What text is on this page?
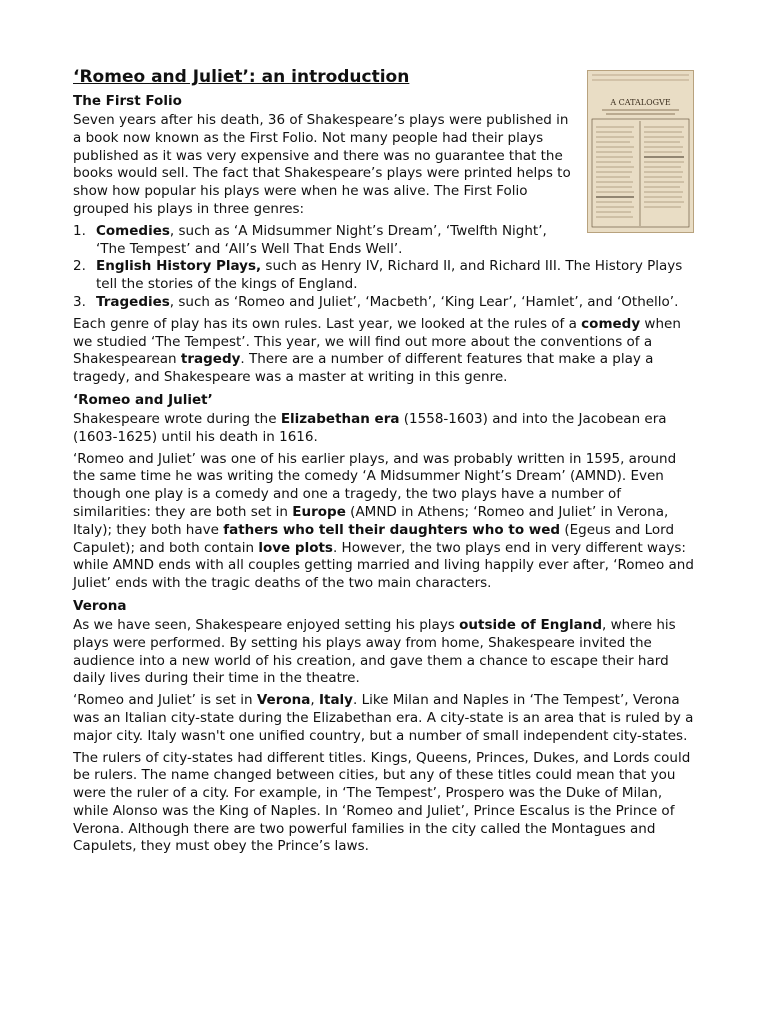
‘Romeo and Juliet’: an introduction
The First Folio

Seven years after his death, 36 of Shakespeare’s plays were published in a book now known as the First Folio. Not many people had their plays published as it was very expensive and there was no guarantee that the books would sell. The fact that Shakespeare’s plays were printed helps to show how popular his plays were when he was alive. The First Folio grouped his plays in three genres:

1. Comedies, such as ‘A Midsummer Night’s Dream’, ‘Twelfth Night’, ‘The Tempest’ and ‘All’s Well That Ends Well’.
2. English History Plays, such as Henry IV, Richard II, and Richard III. The History Plays tell the stories of the kings of England.
3. Tragedies, such as ‘Romeo and Juliet’, ‘Macbeth’, ‘King Lear’, ‘Hamlet’, and ‘Othello’.

Each genre of play has its own rules. Last year, we looked at the rules of a comedy when we studied ‘The Tempest’. This year, we will find out more about the conventions of a Shakespearean tragedy. There are a number of different features that make a play a tragedy, and Shakespeare was a master at writing in this genre.

‘Romeo and Juliet’

Shakespeare wrote during the Elizabethan era (1558-1603) and into the Jacobean era (1603-1625) until his death in 1616.

‘Romeo and Juliet’ was one of his earlier plays, and was probably written in 1595, around the same time he was writing the comedy ‘A Midsummer Night’s Dream’ (AMND). Even though one play is a comedy and one a tragedy, the two plays have a number of similarities: they are both set in Europe (AMND in Athens; ‘Romeo and Juliet’ in Verona, Italy); they both have fathers who tell their daughters who to wed (Egeus and Lord Capulet); and both contain love plots. However, the two plays end in very different ways: while AMND ends with all couples getting married and living happily ever after, ‘Romeo and Juliet’ ends with the tragic deaths of the two main characters.

Verona

As we have seen, Shakespeare enjoyed setting his plays outside of England, where his plays were performed. By setting his plays away from home, Shakespeare invited the audience into a new world of his creation, and gave them a chance to escape their hard daily lives during their time in the theatre.

‘Romeo and Juliet’ is set in Verona, Italy. Like Milan and Naples in ‘The Tempest’, Verona was an Italian city-state during the Elizabethan era. A city-state is an area that is ruled by a major city. Italy wasn't one unified country, but a number of small independent city-states.

The rulers of city-states had different titles. Kings, Queens, Princes, Dukes, and Lords could be rulers. The name changed between cities, but any of these titles could mean that you were the ruler of a city. For example, in ‘The Tempest’, Prospero was the Duke of Milan, while Alonso was the King of Naples. In ‘Romeo and Juliet’, Prince Escalus is the Prince of Verona. Although there are two powerful families in the city called the Montagues and Capulets, they must obey the Prince’s laws.

A CATALOGVE
